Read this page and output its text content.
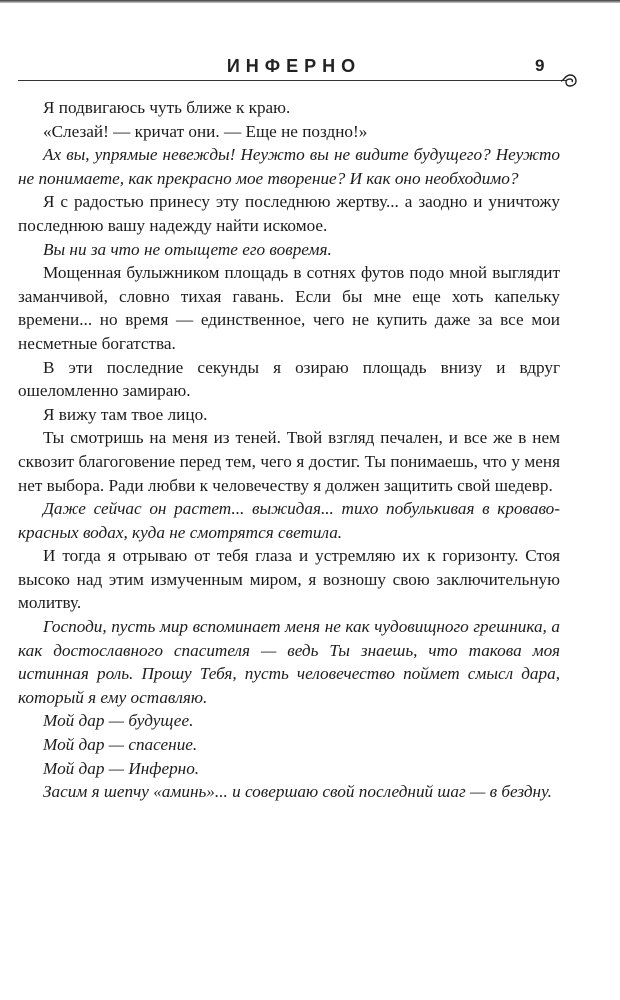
ИНФЕРНО	9

Я подвигаюсь чуть ближе к краю.

«Слезай! — кричат они. — Еще не поздно!»

Ах вы, упрямые невежды! Неужто вы не видите будущего? Неужто не понимаете, как прекрасно мое творение? И как оно необходимо?

Я с радостью принесу эту последнюю жертву... а заодно и уничтожу последнюю вашу надежду найти искомое.

Вы ни за что не отыщете его вовремя.

Мощенная булыжником площадь в сотнях футов подо мной выглядит заманчивой, словно тихая гавань. Если бы мне еще хоть капельку времени... но время — единственное, чего не купить даже за все мои несметные богатства.

В эти последние секунды я озираю площадь внизу и вдруг ошеломленно замираю.

Я вижу там твое лицо.

Ты смотришь на меня из теней. Твой взгляд печален, и все же в нем сквозит благоговение перед тем, чего я достиг. Ты понимаешь, что у меня нет выбора. Ради любви к человечеству я должен защитить свой шедевр.

Даже сейчас он растет... выжидая... тихо побулькивая в кроваво-красных водах, куда не смотрятся светила.

И тогда я отрываю от тебя глаза и устремляю их к горизонту. Стоя высоко над этим измученным миром, я возношу свою заключительную молитву.

Господи, пусть мир вспоминает меня не как чудовищного грешника, а как достославного спасителя — ведь Ты знаешь, что такова моя истинная роль. Прошу Тебя, пусть человечество поймет смысл дара, который я ему оставляю.

Мой дар — будущее.

Мой дар — спасение.

Мой дар — Инферно.

Засим я шепчу «аминь»... и совершаю свой последний шаг — в бездну.
